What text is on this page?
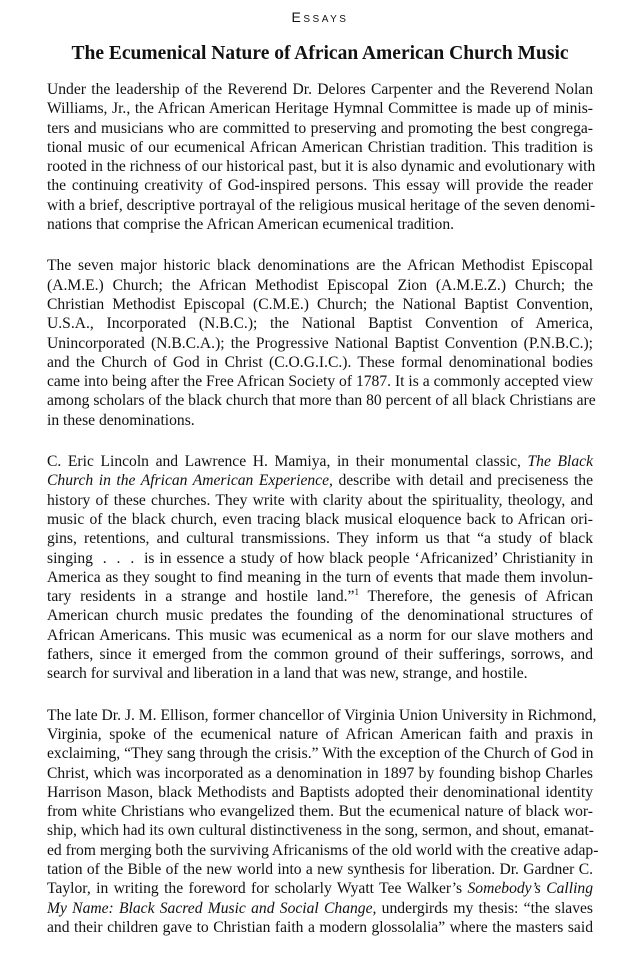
Essays
The Ecumenical Nature of African American Church Music
Under the leadership of the Reverend Dr. Delores Carpenter and the Reverend Nolan
Williams, Jr., the African American Heritage Hymnal Committee is made up of minis-
ters and musicians who are committed to preserving and promoting the best congrega-
tional music of our ecumenical African American Christian tradition. This tradition is
rooted in the richness of our historical past, but it is also dynamic and evolutionary with
the continuing creativity of God-inspired persons. This essay will provide the reader
with a brief, descriptive portrayal of the religious musical heritage of the seven denomi-
nations that comprise the African American ecumenical tradition.
The seven major historic black denominations are the African Methodist Episcopal
(A.M.E.) Church; the African Methodist Episcopal Zion (A.M.E.Z.) Church; the
Christian Methodist Episcopal (C.M.E.) Church; the National Baptist Convention,
U.S.A., Incorporated (N.B.C.); the National Baptist Convention of America,
Unincorporated (N.B.C.A.); the Progressive National Baptist Convention (P.N.B.C.);
and the Church of God in Christ (C.O.G.I.C.). These formal denominational bodies
came into being after the Free African Society of 1787. It is a commonly accepted view
among scholars of the black church that more than 80 percent of all black Christians are
in these denominations.
C. Eric Lincoln and Lawrence H. Mamiya, in their monumental classic, The Black
Church in the African American Experience, describe with detail and preciseness the
history of these churches. They write with clarity about the spirituality, theology, and
music of the black church, even tracing black musical eloquence back to African ori-
gins, retentions, and cultural transmissions. They inform us that “a study of black
singing  .  .  .  is in essence a study of how black people ‘Africanized’ Christianity in
America as they sought to find meaning in the turn of events that made them involun-
tary residents in a strange and hostile land.”$^1$ Therefore, the genesis of African
American church music predates the founding of the denominational structures of
African Americans. This music was ecumenical as a norm for our slave mothers and
fathers, since it emerged from the common ground of their sufferings, sorrows, and
search for survival and liberation in a land that was new, strange, and hostile.
The late Dr. J. M. Ellison, former chancellor of Virginia Union University in Richmond,
Virginia, spoke of the ecumenical nature of African American faith and praxis in
exclaiming, “They sang through the crisis.” With the exception of the Church of God in
Christ, which was incorporated as a denomination in 1897 by founding bishop Charles
Harrison Mason, black Methodists and Baptists adopted their denominational identity
from white Christians who evangelized them. But the ecumenical nature of black wor-
ship, which had its own cultural distinctiveness in the song, sermon, and shout, emanat-
ed from merging both the surviving Africanisms of the old world with the creative adap-
tation of the Bible of the new world into a new synthesis for liberation. Dr. Gardner C.
Taylor, in writing the foreword for scholarly Wyatt Tee Walker’s Somebody’s Calling
My Name: Black Sacred Music and Social Change, undergirds my thesis: “the slaves
and their children gave to Christian faith a modern glossolalia” where the masters said
